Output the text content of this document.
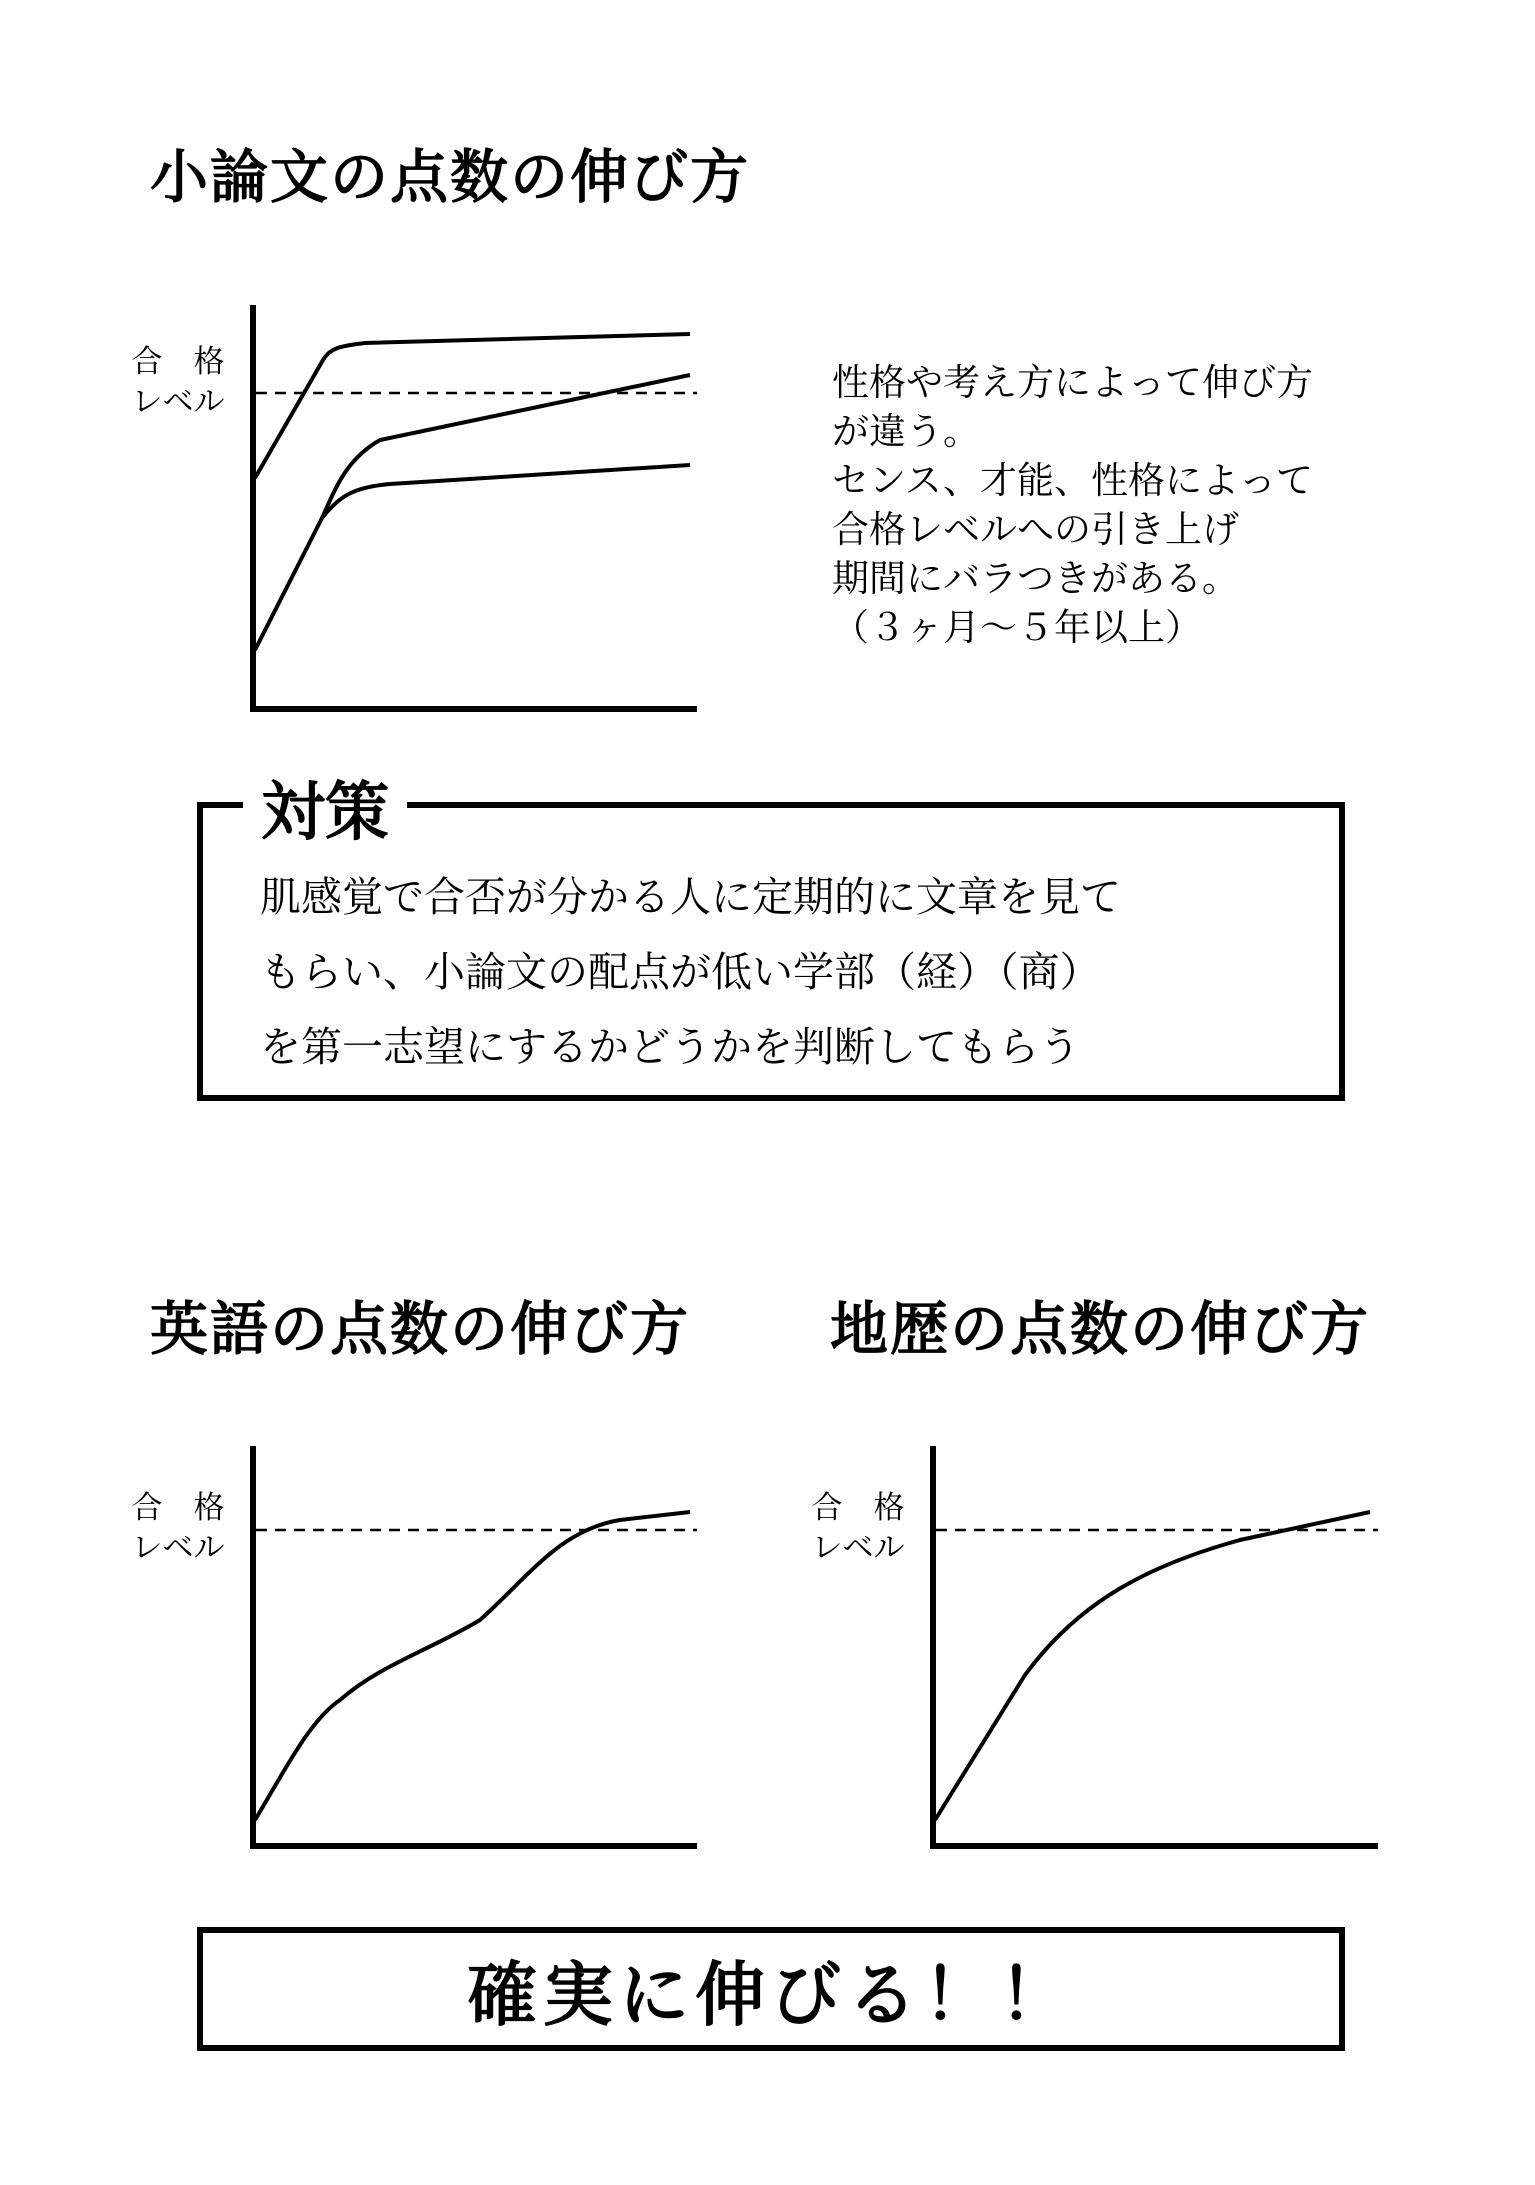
小論文の点数の伸び方
合　格
レベル	性格や考え方によって伸び方
が違う。
センス、才能、性格によって
合格レベルへの引き上げ
期間にバラつきがある。
（３ヶ月〜５年以上）
対策
肌感覚で合否が分かる人に定期的に文章を見て
もらい、小論文の配点が低い学部（経）（商）
を第一志望にするかどうかを判断してもらう
英語の点数の伸び方 地歴の点数の伸び方
合　格
レベル
合　格
レベル
確実に伸びる！！
